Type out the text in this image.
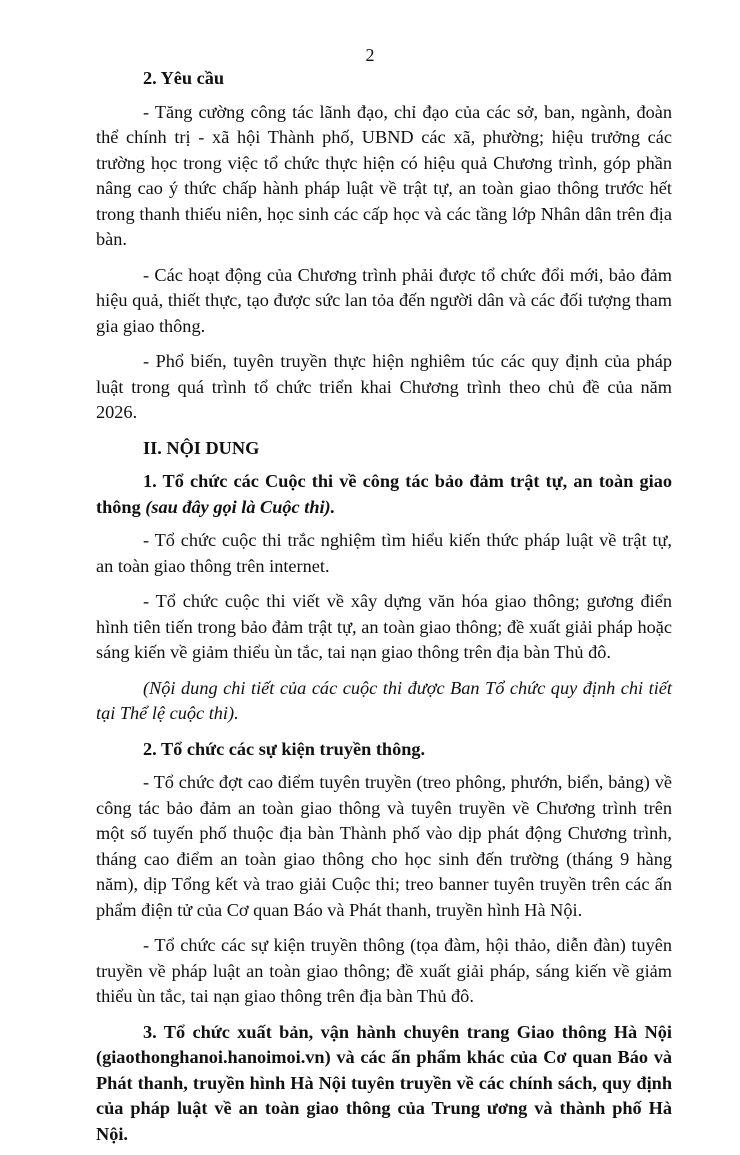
2

2. Yêu cầu

- Tăng cường công tác lãnh đạo, chỉ đạo của các sở, ban, ngành, đoàn thể chính trị - xã hội Thành phố, UBND các xã, phường; hiệu trưởng các trường học trong việc tổ chức thực hiện có hiệu quả Chương trình, góp phần nâng cao ý thức chấp hành pháp luật về trật tự, an toàn giao thông trước hết trong thanh thiếu niên, học sinh các cấp học và các tầng lớp Nhân dân trên địa bàn.

- Các hoạt động của Chương trình phải được tổ chức đổi mới, bảo đảm hiệu quả, thiết thực, tạo được sức lan tỏa đến người dân và các đối tượng tham gia giao thông.

- Phổ biến, tuyên truyền thực hiện nghiêm túc các quy định của pháp luật trong quá trình tổ chức triển khai Chương trình theo chủ đề của năm 2026.

II. NỘI DUNG

1. Tổ chức các Cuộc thi về công tác bảo đảm trật tự, an toàn giao thông (sau đây gọi là Cuộc thi).

- Tổ chức cuộc thi trắc nghiệm tìm hiểu kiến thức pháp luật về trật tự, an toàn giao thông trên internet.

- Tổ chức cuộc thi viết về xây dựng văn hóa giao thông; gương điển hình tiên tiến trong bảo đảm trật tự, an toàn giao thông; đề xuất giải pháp hoặc sáng kiến về giảm thiểu ùn tắc, tai nạn giao thông trên địa bàn Thủ đô.

(Nội dung chi tiết của các cuộc thi được Ban Tổ chức quy định chi tiết tại Thể lệ cuộc thi).

2. Tổ chức các sự kiện truyền thông.

- Tổ chức đợt cao điểm tuyên truyền (treo phông, phướn, biển, bảng) về công tác bảo đảm an toàn giao thông và tuyên truyền về Chương trình trên một số tuyến phố thuộc địa bàn Thành phố vào dịp phát động Chương trình, tháng cao điểm an toàn giao thông cho học sinh đến trường (tháng 9 hàng năm), dịp Tổng kết và trao giải Cuộc thi; treo banner tuyên truyền trên các ấn phẩm điện tử của Cơ quan Báo và Phát thanh, truyền hình Hà Nội.

- Tổ chức các sự kiện truyền thông (tọa đàm, hội thảo, diễn đàn) tuyên truyền về pháp luật an toàn giao thông; đề xuất giải pháp, sáng kiến về giảm thiểu ùn tắc, tai nạn giao thông trên địa bàn Thủ đô.

3. Tổ chức xuất bản, vận hành chuyên trang Giao thông Hà Nội (giaothonghanoi.hanoimoi.vn) và các ấn phẩm khác của Cơ quan Báo và Phát thanh, truyền hình Hà Nội tuyên truyền về các chính sách, quy định của pháp luật về an toàn giao thông của Trung ương và thành phố Hà Nội.
